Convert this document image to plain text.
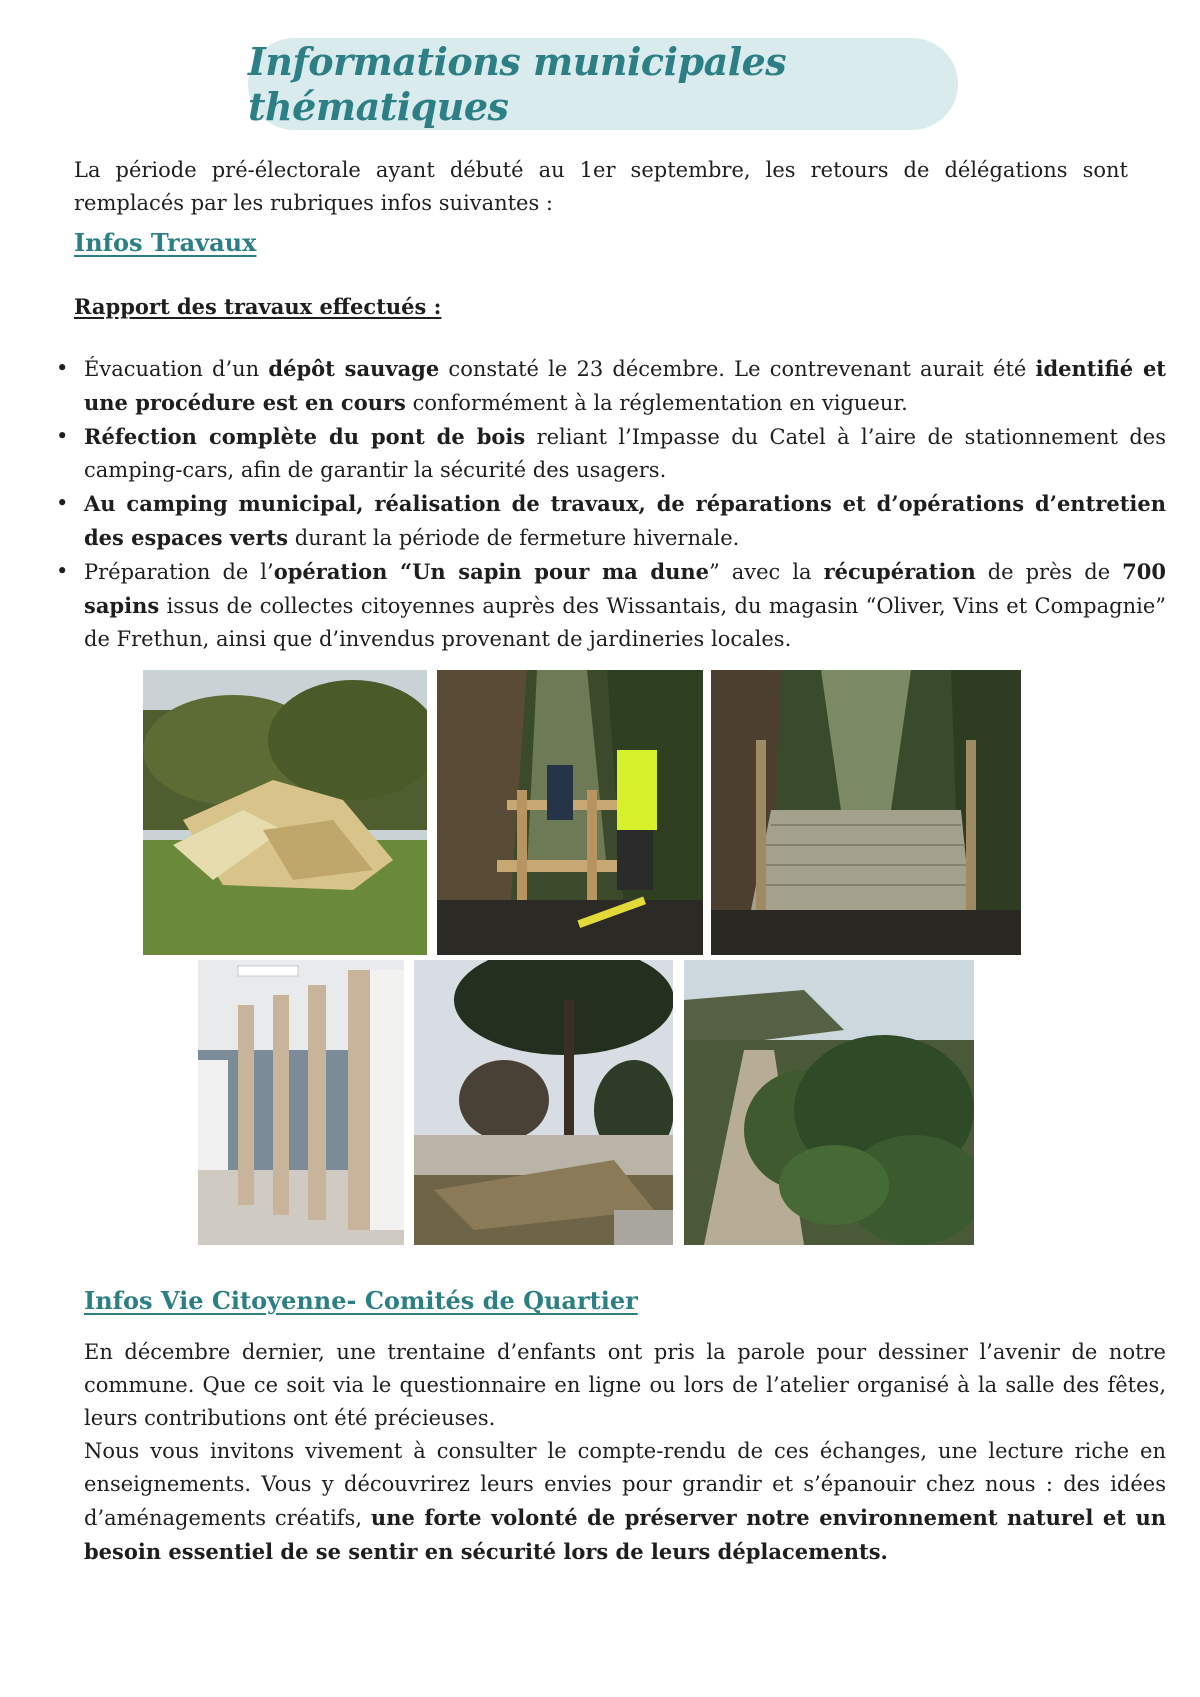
Informations municipales thématiques
La période pré-électorale ayant débuté au 1er septembre, les retours de délégations sont remplacés par les rubriques infos suivantes :
Infos Travaux
Rapport des travaux effectués :
• Évacuation d’un dépôt sauvage constaté le 23 décembre. Le contrevenant aurait été identifié et une procédure est en cours conformément à la réglementation en vigueur.
• Réfection complète du pont de bois reliant l’Impasse du Catel à l’aire de stationnement des camping-cars, afin de garantir la sécurité des usagers.
• Au camping municipal, réalisation de travaux, de réparations et d’opérations d’entretien des espaces verts durant la période de fermeture hivernale.
• Préparation de l’opération “Un sapin pour ma dune” avec la récupération de près de 700 sapins issus de collectes citoyennes auprès des Wissantais, du magasin “Oliver, Vins et Compagnie” de Frethun, ainsi que d’invendus provenant de jardineries locales.
Infos Vie Citoyenne- Comités de Quartier
En décembre dernier, une trentaine d’enfants ont pris la parole pour dessiner l’avenir de notre commune. Que ce soit via le questionnaire en ligne ou lors de l’atelier organisé à la salle des fêtes, leurs contributions ont été précieuses.
Nous vous invitons vivement à consulter le compte-rendu de ces échanges, une lecture riche en enseignements. Vous y découvrirez leurs envies pour grandir et s’épanouir chez nous : des idées d’aménagements créatifs, une forte volonté de préserver notre environnement naturel et un besoin essentiel de se sentir en sécurité lors de leurs déplacements.
